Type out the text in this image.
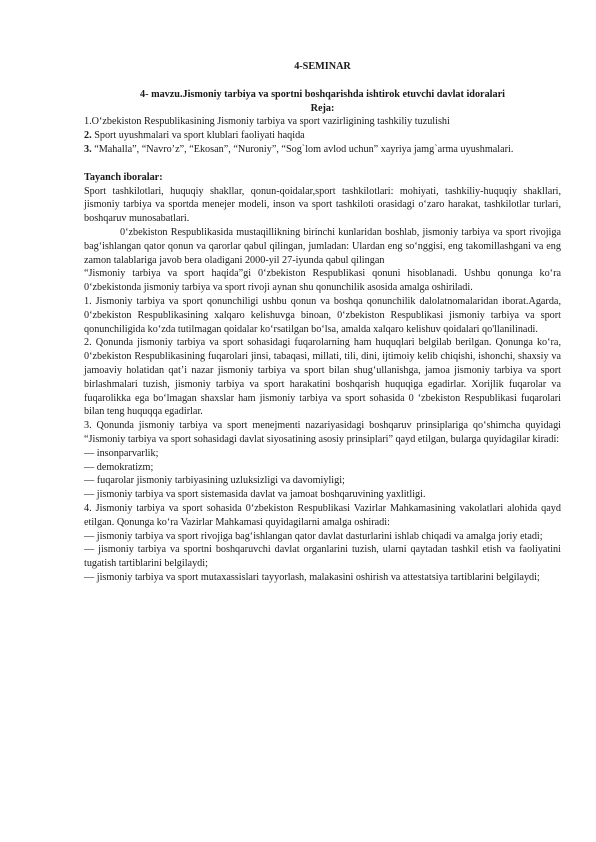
4-SEMINAR

4- mavzu.Jismoniy tarbiya va sportni boshqarishda ishtirok etuvchi davlat idoralari

Reja:

1.O‘zbekiston Respublikasining Jismoniy tarbiya va sport vazirligining tashkiliy tuzulishi

2. Sport uyushmalari va sport klublari faoliyati haqida

3. “Mahalla”, “Navro’z”, “Ekosan”, “Nuroniy”, “Sog`lom avlod uchun” xayriya jamg`arma uyushmalari.

Tayanch iboralar:

Sport tashkilotlari, huquqiy shakllar, qonun-qoidalar,sport tashkilotlari: mohiyati, tashkiliy-huquqiy shakllari, jismoniy tarbiya va sportda menejer modeli, inson va sport tashkiloti orasidagi o‘zaro harakat, tashkilotlar turlari, boshqaruv munosabatlari.

0‘zbekiston Respublikasida mustaqillikning birinchi kunlaridan boshlab, jismoniy tarbiya va sport rivojiga bag‘ishlangan qator qonun va qarorlar qabul qilingan, jumladan: Ulardan eng so‘nggisi, eng takomillashgani va eng zamon talablariga javob bera oladigani 2000-yil 27-iyunda qabul qilingan

“Jismoniy tarbiya va sport haqida”gi 0‘zbekiston Respublikasi qonuni hisoblanadi. Ushbu qonunga ko‘ra 0‘zbekistonda jismoniy tarbiya va sport rivoji aynan shu qonunchilik asosida amalga oshiriladi.

1. Jismoniy tarbiya va sport qonunchiligi ushbu qonun va boshqa qonunchilik dalolatnomalaridan iborat.Agarda, 0‘zbekiston Respublikasining xalqaro kelishuvga binoan, 0‘zbekiston Respublikasi jismoniy tarbiya va sport qonunchiligida ko‘zda tutilmagan qoidalar ko‘rsatilgan bo‘lsa, amalda xalqaro kelishuv qoidalari qo'llanilinadi.

2. Qonunda jismoniy tarbiya va sport sohasidagi fuqarolarning ham huquqlari belgilab berilgan. Qonunga ko‘ra, 0‘zbekiston Respublikasining fuqarolari jinsi, tabaqasi, millati, tili, dini, ijtimoiy kelib chiqishi, ishonchi, shaxsiy va jamoaviy holatidan qat’i nazar jismoniy tarbiya va sport bilan shug‘ullanishga, jamoa jismoniy tarbiya va sport birlashmalari tuzish, jismoniy tarbiya va sport harakatini boshqarish huquqiga egadirlar. Xorijlik fuqarolar va fuqarolikka ega bo‘lmagan shaxslar ham jismoniy tarbiya va sport sohasida 0 ‘zbekiston Respublikasi fuqarolari bilan teng huquqqa egadirlar.

3. Qonunda jismoniy tarbiya va sport menejmenti nazariyasidagi boshqaruv prinsiplariga qo‘shimcha quyidagi “Jismoniy tarbiya va sport sohasidagi davlat siyosatining asosiy prinsiplari” qayd etilgan, bularga quyidagilar kiradi:

— insonparvarlik;

— demokratizm;

— fuqarolar jismoniy tarbiyasining uzluksizligi va davomiyligi;

— jismoniy tarbiya va sport sistemasida davlat va jamoat boshqaruvining yaxlitligi.

4. Jismoniy tarbiya va sport sohasida 0‘zbekiston Respublikasi Vazirlar Mahkamasining vakolatlari alohida qayd etilgan. Qonunga ko‘ra Vazirlar Mahkamasi quyidagilarni amalga oshiradi:

— jismoniy tarbiya va sport rivojiga bag‘ishlangan qator davlat dasturlarini ishlab chiqadi va amalga joriy etadi;

— jismoniy tarbiya va sportni boshqaruvchi davlat organlarini tuzish, ularni qaytadan tashkil etish va faoliyatini tugatish tartiblarini belgilaydi;

— jismoniy tarbiya va sport mutaxassislari tayyorlash, malakasini oshirish va attestatsiya tartiblarini belgilaydi;
